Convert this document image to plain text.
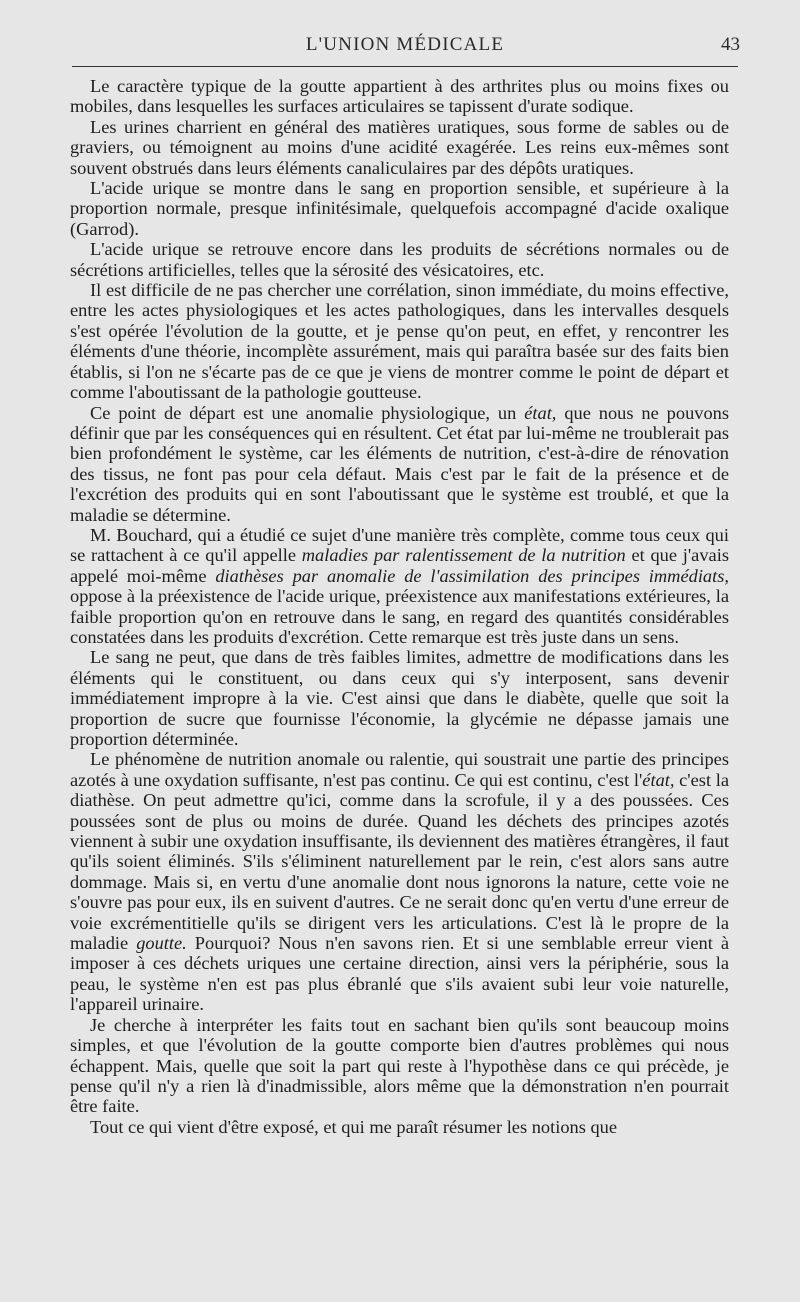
L'UNION MÉDICALE	43

Le caractère typique de la goutte appartient à des arthrites plus ou moins fixes ou mobiles, dans lesquelles les surfaces articulaires se tapissent d'urate sodique.

Les urines charrient en général des matières uratiques, sous forme de sables ou de graviers, ou témoignent au moins d'une acidité exagérée. Les reins eux-mêmes sont souvent obstrués dans leurs éléments canaliculaires par des dépôts uratiques.

L'acide urique se montre dans le sang en proportion sensible, et supérieure à la proportion normale, presque infinitésimale, quelquefois accompagné d'acide oxalique (Garrod).

L'acide urique se retrouve encore dans les produits de sécrétions normales ou de sécrétions artificielles, telles que la sérosité des vésicatoires, etc.

Il est difficile de ne pas chercher une corrélation, sinon immédiate, du moins effective, entre les actes physiologiques et les actes pathologiques, dans les intervalles desquels s'est opérée l'évolution de la goutte, et je pense qu'on peut, en effet, y rencontrer les éléments d'une théorie, incomplète assurément, mais qui paraîtra basée sur des faits bien établis, si l'on ne s'écarte pas de ce que je viens de montrer comme le point de départ et comme l'aboutissant de la pathologie goutteuse.

Ce point de départ est une anomalie physiologique, un état, que nous ne pouvons définir que par les conséquences qui en résultent. Cet état par lui-même ne troublerait pas bien profondément le système, car les éléments de nutrition, c'est-à-dire de rénovation des tissus, ne font pas pour cela défaut. Mais c'est par le fait de la présence et de l'excrétion des produits qui en sont l'aboutissant que le système est troublé, et que la maladie se détermine.

M. Bouchard, qui a étudié ce sujet d'une manière très complète, comme tous ceux qui se rattachent à ce qu'il appelle maladies par ralentissement de la nutrition et que j'avais appelé moi-même diathèses par anomalie de l'assimilation des principes immédiats, oppose à la préexistence de l'acide urique, préexistence aux manifestations extérieures, la faible proportion qu'on en retrouve dans le sang, en regard des quantités considérables constatées dans les produits d'excrétion. Cette remarque est très juste dans un sens.

Le sang ne peut, que dans de très faibles limites, admettre de modifications dans les éléments qui le constituent, ou dans ceux qui s'y interposent, sans devenir immédiatement impropre à la vie. C'est ainsi que dans le diabète, quelle que soit la proportion de sucre que fournisse l'économie, la glycémie ne dépasse jamais une proportion déterminée.

Le phénomène de nutrition anomale ou ralentie, qui soustrait une partie des principes azotés à une oxydation suffisante, n'est pas continu. Ce qui est continu, c'est l'état, c'est la diathèse. On peut admettre qu'ici, comme dans la scrofule, il y a des poussées. Ces poussées sont de plus ou moins de durée. Quand les déchets des principes azotés viennent à subir une oxydation insuffisante, ils deviennent des matières étrangères, il faut qu'ils soient éliminés. S'ils s'éliminent naturellement par le rein, c'est alors sans autre dommage. Mais si, en vertu d'une anomalie dont nous ignorons la nature, cette voie ne s'ouvre pas pour eux, ils en suivent d'autres. Ce ne serait donc qu'en vertu d'une erreur de voie excrémentitielle qu'ils se dirigent vers les articulations. C'est là le propre de la maladie goutte. Pourquoi? Nous n'en savons rien. Et si une semblable erreur vient à imposer à ces déchets uriques une certaine direction, ainsi vers la périphérie, sous la peau, le système n'en est pas plus ébranlé que s'ils avaient subi leur voie naturelle, l'appareil urinaire.

Je cherche à interpréter les faits tout en sachant bien qu'ils sont beaucoup moins simples, et que l'évolution de la goutte comporte bien d'autres problèmes qui nous échappent. Mais, quelle que soit la part qui reste à l'hypothèse dans ce qui précède, je pense qu'il n'y a rien là d'inadmissible, alors même que la démonstration n'en pourrait être faite.

Tout ce qui vient d'être exposé, et qui me paraît résumer les notions que
